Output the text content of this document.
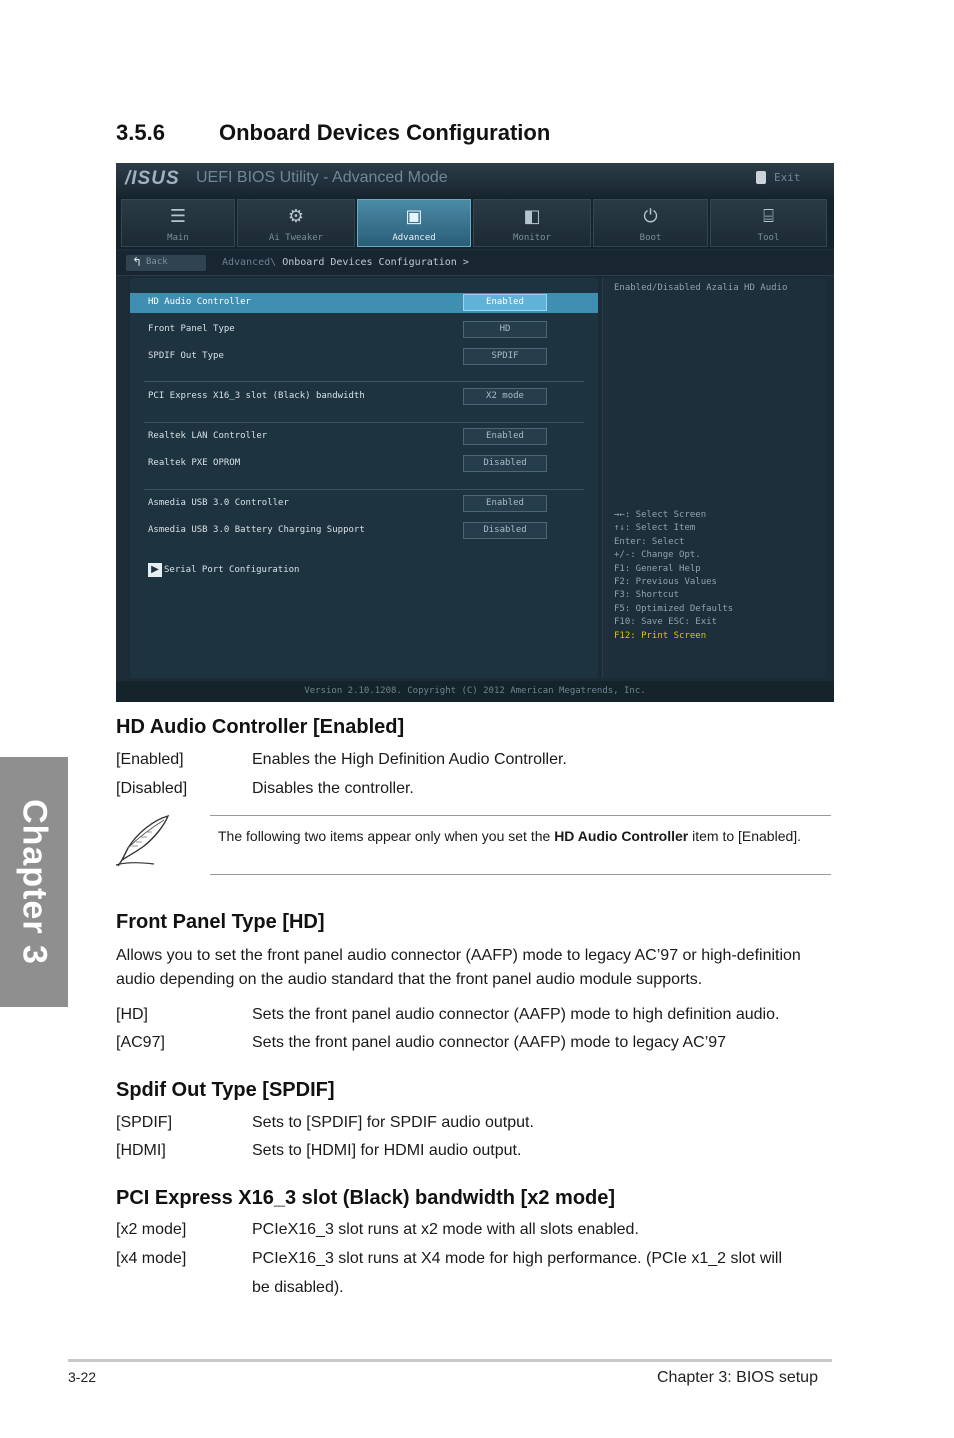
Chapter 3
3.5.6 Onboard Devices Configuration
/ISUS UEFI BIOS Utility - Advanced Mode	Exit
☰
Main
⚙
Ai Tweaker
▣
Advanced
◧
Monitor
⏻
Boot
⌸
Tool
↰ Back	Advanced\ Onboard Devices Configuration >
HD Audio Controller	Enabled
Front Panel Type	HD
SPDIF Out Type	SPDIF
PCI Express X16_3 slot (Black) bandwidth	X2 mode
Realtek LAN Controller	Enabled
Realtek PXE OPROM	Disabled
Asmedia USB 3.0 Controller	Enabled
Asmedia USB 3.0 Battery Charging Support	Disabled
▶ Serial Port Configuration
Enabled/Disabled Azalia HD Audio
→←: Select Screen
↑↓: Select Item
Enter: Select
+/-: Change Opt.
F1: General Help
F2: Previous Values
F3: Shortcut
F5: Optimized Defaults
F10: Save ESC: Exit
F12: Print Screen
Version 2.10.1208. Copyright (C) 2012 American Megatrends, Inc.
HD Audio Controller [Enabled]
[Enabled]	Enables the High Definition Audio Controller.
[Disabled]	Disables the controller.
The following two items appear only when you set the HD Audio Controller item to [Enabled].
Front Panel Type [HD]
Allows you to set the front panel audio connector (AAFP) mode to legacy AC’97 or high-definition audio depending on the audio standard that the front panel audio module supports.
[HD]	Sets the front panel audio connector (AAFP) mode to high definition audio.
[AC97]	Sets the front panel audio connector (AAFP) mode to legacy AC’97
Spdif Out Type [SPDIF]
[SPDIF]	Sets to [SPDIF] for SPDIF audio output.
[HDMI]	Sets to [HDMI] for HDMI audio output.
PCI Express X16_3 slot (Black) bandwidth [x2 mode]
[x2 mode]	PCIeX16_3 slot runs at x2 mode with all slots enabled.
[x4 mode]	PCIeX16_3 slot runs at X4 mode for high performance. (PCIe x1_2 slot will
be disabled).
3-22	Chapter 3: BIOS setup
